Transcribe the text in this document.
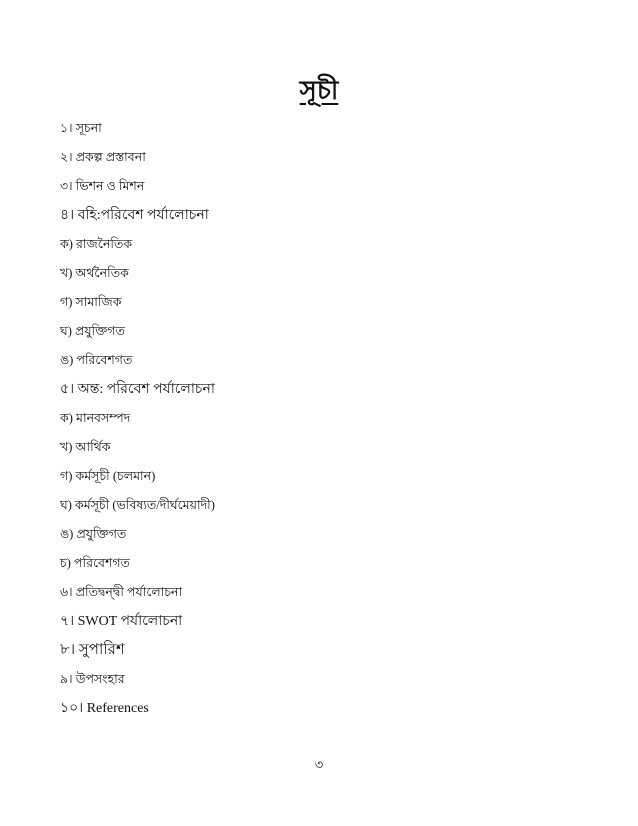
সূচী
১। সূচনা
২। প্রকল্প প্রস্তাবনা
৩। ভিশন ও মিশন
৪। বহি:পরিবেশ পর্যালোচনা
ক) রাজনৈতিক
খ) অর্থনৈতিক
গ) সামাজিক
ঘ) প্রযুক্তিগত
ঙ) পরিবেশগত
৫। অন্ত: পরিবেশ পর্যালোচনা
ক) মানবসম্পদ
খ) আর্থিক
গ) কর্মসূচী (চলমান)
ঘ) কর্মসূচী (ভবিষ্যত/দীর্ঘমেয়াদী)
ঙ) প্রযুক্তিগত
চ) পরিবেশগত
৬। প্রতিদ্বন্দ্বী পর্যালোচনা
৭। SWOT পর্যালোচনা
৮। সুপারিশ
৯। উপসংহার
১০। References
৩
